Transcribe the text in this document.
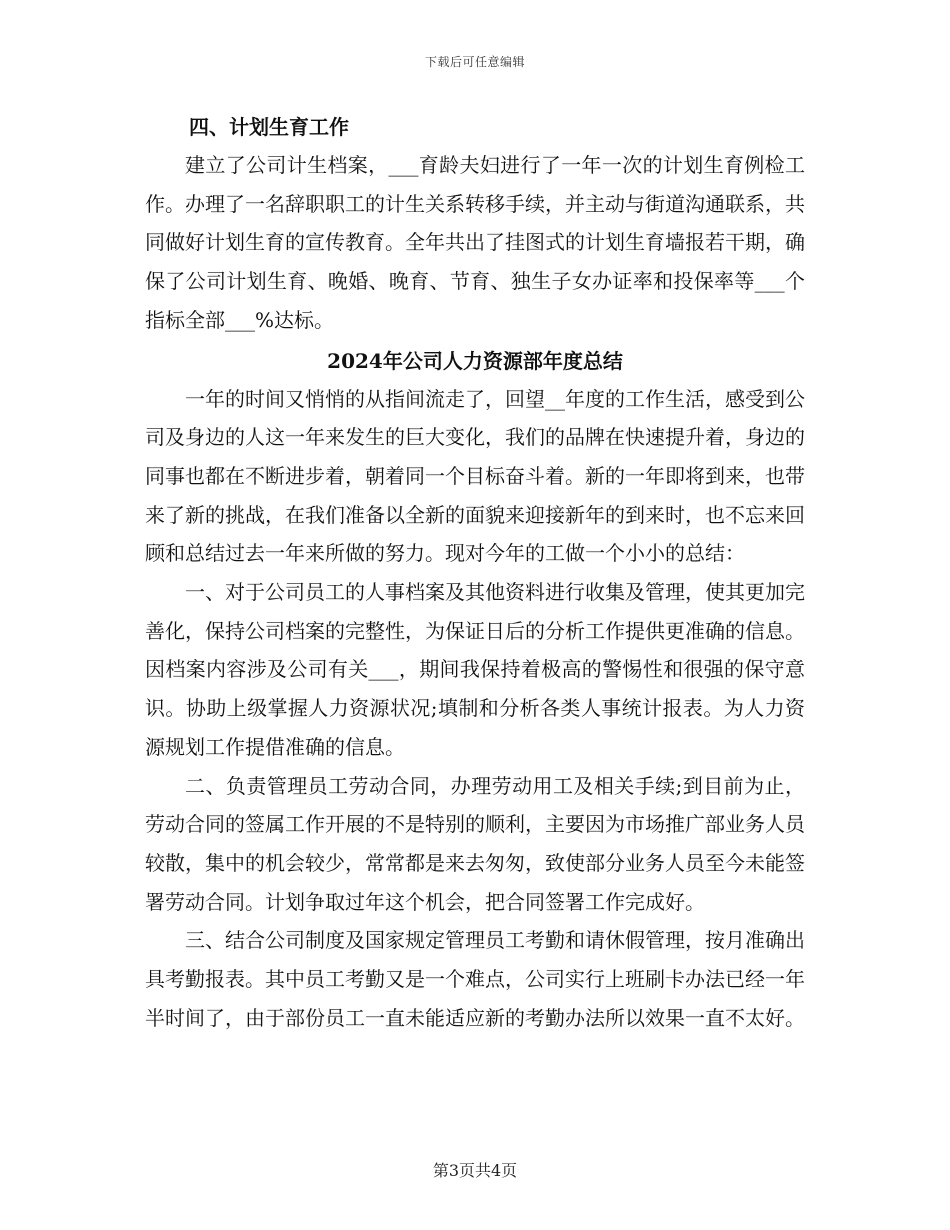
下载后可任意编辑

四、计划生育工作

建立了公司计生档案，___育龄夫妇进行了一年一次的计划生育例检工作。办理了一名辞职职工的计生关系转移手续，并主动与街道沟通联系，共同做好计划生育的宣传教育。全年共出了挂图式的计划生育墙报若干期，确保了公司计划生育、晚婚、晚育、节育、独生子女办证率和投保率等___个指标全部___%达标。

2024年公司人力资源部年度总结

一年的时间又悄悄的从指间流走了，回望__年度的工作生活，感受到公司及身边的人这一年来发生的巨大变化，我们的品牌在快速提升着，身边的同事也都在不断进步着，朝着同一个目标奋斗着。新的一年即将到来，也带来了新的挑战，在我们准备以全新的面貌来迎接新年的到来时，也不忘来回顾和总结过去一年来所做的努力。现对今年的工做一个小小的总结：

一、对于公司员工的人事档案及其他资料进行收集及管理，使其更加完善化，保持公司档案的完整性，为保证日后的分析工作提供更准确的信息。因档案内容涉及公司有关___，期间我保持着极高的警惕性和很强的保守意识。协助上级掌握人力资源状况;填制和分析各类人事统计报表。为人力资源规划工作提借准确的信息。

二、负责管理员工劳动合同，办理劳动用工及相关手续;到目前为止，劳动合同的签属工作开展的不是特别的顺利，主要因为市场推广部业务人员较散，集中的机会较少，常常都是来去匆匆，致使部分业务人员至今未能签署劳动合同。计划争取过年这个机会，把合同签署工作完成好。

三、结合公司制度及国家规定管理员工考勤和请休假管理，按月准确出具考勤报表。其中员工考勤又是一个难点，公司实行上班刷卡办法已经一年半时间了，由于部份员工一直未能适应新的考勤办法所以效果一直不太好。

第3页共4页
